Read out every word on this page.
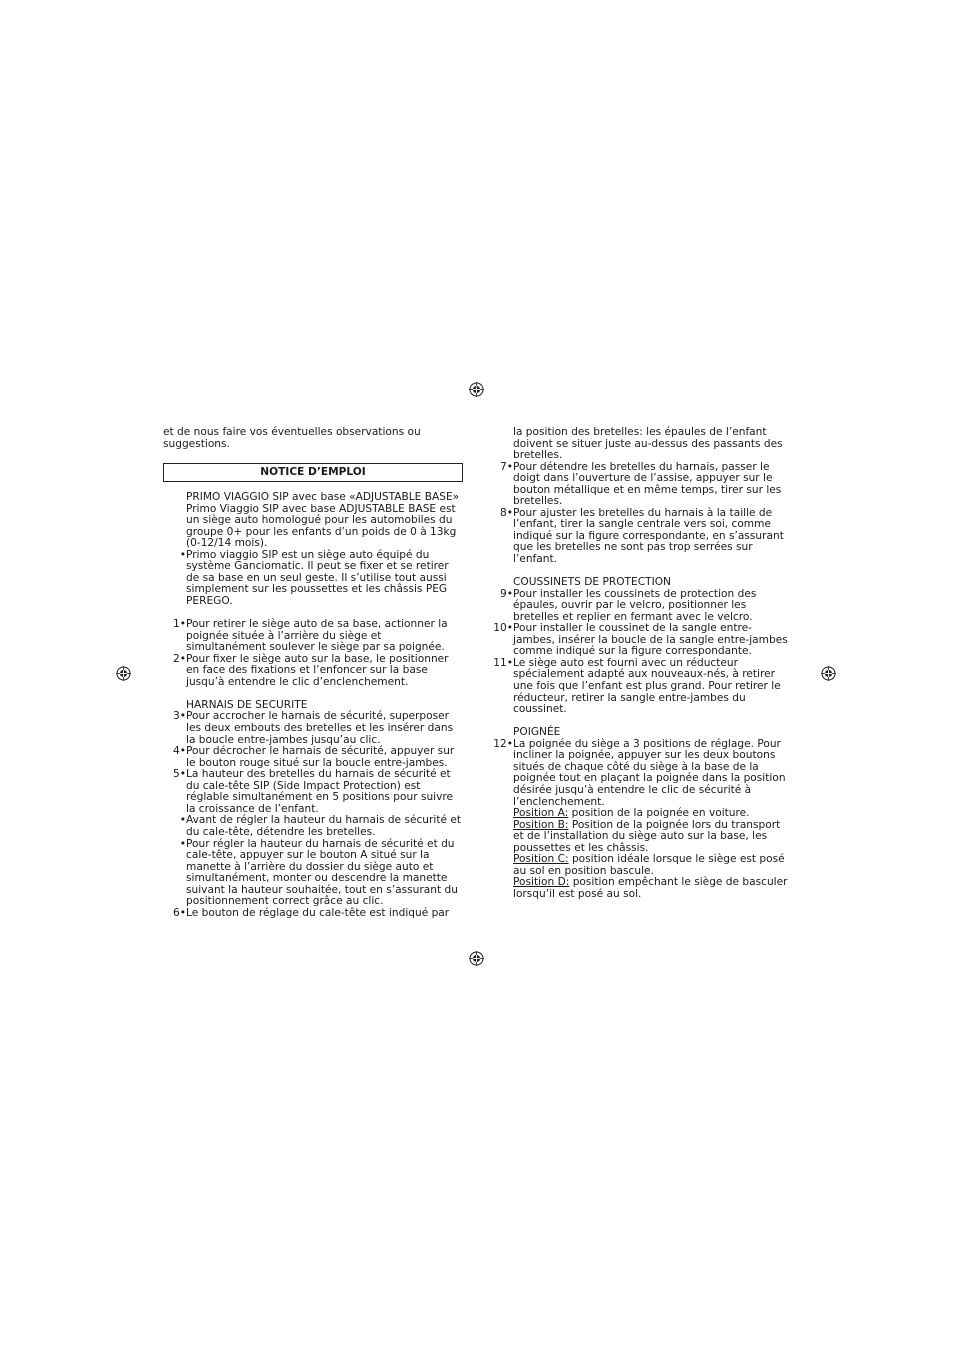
et de nous faire vos éventuelles observations ou suggestions.

NOTICE D’EMPLOI

PRIMO VIAGGIO SIP avec base «ADJUSTABLE BASE» Primo Viaggio SIP avec base ADJUSTABLE BASE est un siège auto homologué pour les automobiles du groupe 0+ pour les enfants d’un poids de 0 à 13kg (0-12/14 mois).

• Primo viaggio SIP est un siège auto équipé du système Ganciomatic. Il peut se fixer et se retirer de sa base en un seul geste. Il s’utilise tout aussi simplement sur les poussettes et les châssis PEG PEREGO.
1• Pour retirer le siège auto de sa base, actionner la poignée située à l’arrière du siège et simultanément soulever le siège par sa poignée.
2• Pour fixer le siège auto sur la base, le positionner en face des fixations et l’enfoncer sur la base jusqu’à entendre le clic d’enclenchement.

HARNAIS DE SECURITE

3• Pour accrocher le harnais de sécurité, superposer les deux embouts des bretelles et les insérer dans la boucle entre-jambes jusqu’au clic.
4• Pour décrocher le harnais de sécurité, appuyer sur le bouton rouge situé sur la boucle entre-jambes.
5• La hauteur des bretelles du harnais de sécurité et du cale-tête SIP (Side Impact Protection) est réglable simultanément en 5 positions pour suivre la croissance de l’enfant.
• Avant de régler la hauteur du harnais de sécurité et du cale-tête, détendre les bretelles.
• Pour régler la hauteur du harnais de sécurité et du cale-tête, appuyer sur le bouton A situé sur la manette à l’arrière du dossier du siège auto et simultanément, monter ou descendre la manette suivant la hauteur souhaitée, tout en s’assurant du positionnement correct grâce au clic.
6• Le bouton de réglage du cale-tête est indiqué par

la position des bretelles: les épaules de l’enfant doivent se situer juste au-dessus des passants des bretelles.

7• Pour détendre les bretelles du harnais, passer le doigt dans l’ouverture de l’assise, appuyer sur le bouton métallique et en même temps, tirer sur les bretelles.
8• Pour ajuster les bretelles du harnais à la taille de l’enfant, tirer la sangle centrale vers soi, comme indiqué sur la figure correspondante, en s’assurant que les bretelles ne sont pas trop serrées sur l’enfant.

COUSSINETS DE PROTECTION

9• Pour installer les coussinets de protection des épaules, ouvrir par le velcro, positionner les bretelles et replier en fermant avec le velcro.
10• Pour installer le coussinet de la sangle entre-jambes, insérer la boucle de la sangle entre-jambes comme indiqué sur la figure correspondante.
11• Le siège auto est fourni avec un réducteur spécialement adapté aux nouveaux-nés, à retirer une fois que l’enfant est plus grand. Pour retirer le réducteur, retirer la sangle entre-jambes du coussinet.

POIGNÉE

12• La poignée du siège a 3 positions de réglage. Pour incliner la poignée, appuyer sur les deux boutons situés de chaque côté du siège à la base de la poignée tout en plaçant la poignée dans la position désirée jusqu’à entendre le clic de sécurité à l’enclenchement.

Position A: position de la poignée en voiture.

Position B: Position de la poignée lors du transport et de l’installation du siège auto sur la base, les poussettes et les châssis.

Position C: position idéale lorsque le siège est posé au sol en position bascule.

Position D: position empêchant le siège de basculer lorsqu’il est posé au sol.
